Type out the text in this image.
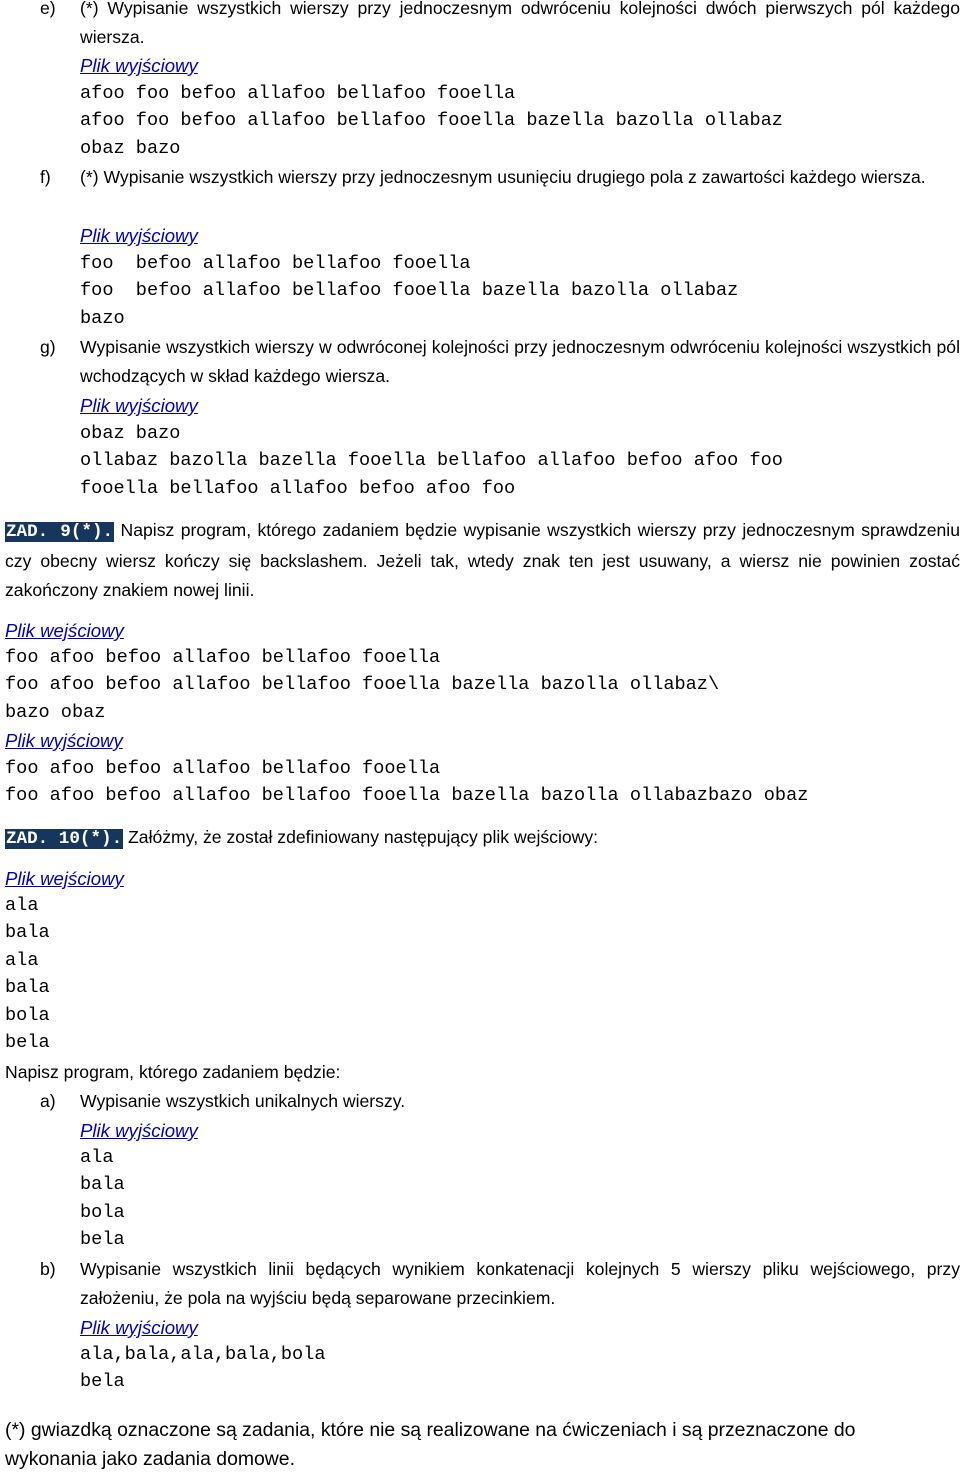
e) (*) Wypisanie wszystkich wierszy przy jednoczesnym odwróceniu kolejności dwóch pierwszych pól każdego wiersza.
Plik wyjściowy
afoo foo befoo allafoo bellafoo fooella
afoo foo befoo allafoo bellafoo fooella bazella bazolla ollabaz
obaz bazo
f) (*) Wypisanie wszystkich wierszy przy jednoczesnym usunięciu drugiego pola z zawartości każdego wiersza.
Plik wyjściowy
foo  befoo allafoo bellafoo fooella
foo  befoo allafoo bellafoo fooella bazella bazolla ollabaz
bazo
g) Wypisanie wszystkich wierszy w odwróconej kolejności przy jednoczesnym odwróceniu kolejności wszystkich pól wchodzących w skład każdego wiersza.
Plik wyjściowy
obaz bazo
ollabaz bazolla bazella fooella bellafoo allafoo befoo afoo foo
fooella bellafoo allafoo befoo afoo foo
ZAD. 9(*). Napisz program, którego zadaniem będzie wypisanie wszystkich wierszy przy jednoczesnym sprawdzeniu czy obecny wiersz kończy się backslashem. Jeżeli tak, wtedy znak ten jest usuwany, a wiersz nie powinien zostać zakończony znakiem nowej linii.
Plik wejściowy
foo afoo befoo allafoo bellafoo fooella
foo afoo befoo allafoo bellafoo fooella bazella bazolla ollabaz\
bazo obaz
Plik wyjściowy
foo afoo befoo allafoo bellafoo fooella
foo afoo befoo allafoo bellafoo fooella bazella bazolla ollabazbazo obaz
ZAD. 10(*). Załóżmy, że został zdefiniowany następujący plik wejściowy:
Plik wejściowy
ala
bala
ala
bala
bola
bela
Napisz program, którego zadaniem będzie:
a) Wypisanie wszystkich unikalnych wierszy.
Plik wyjściowy
ala
bala
bola
bela
b) Wypisanie wszystkich linii będących wynikiem konkatenacji kolejnych 5 wierszy pliku wejściowego, przy założeniu, że pola na wyjściu będą separowane przecinkiem.
Plik wyjściowy
ala,bala,ala,bala,bola
bela
(*) gwiazdką oznaczone są zadania, które nie są realizowane na ćwiczeniach i są przeznaczone do wykonania jako zadania domowe.
